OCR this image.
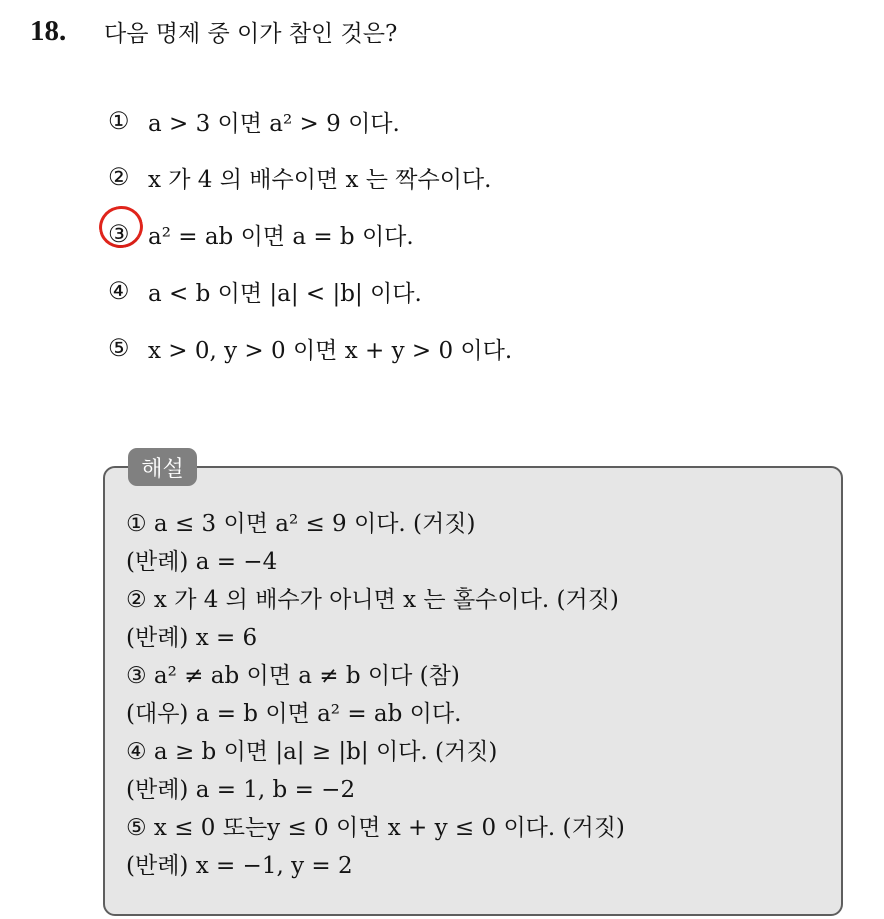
18.	다음 명제 중 이가 참인 것은?
① a > 3 이면 a² > 9 이다.
② x 가 4 의 배수이면 x 는 짝수이다.
③ a² = ab 이면 a = b 이다.
④ a < b 이면 |a| < |b| 이다.
⑤ x > 0, y > 0 이면 x + y > 0 이다.
해설
① a ≤ 3 이면 a² ≤ 9 이다. (거짓)
(반례) a = −4
② x 가 4 의 배수가 아니면 x 는 홀수이다. (거짓)
(반례) x = 6
③ a² ≠ ab 이면 a ≠ b 이다 (참)
(대우) a = b 이면 a² = ab 이다.
④ a ≥ b 이면 |a| ≥ |b| 이다. (거짓)
(반례) a = 1, b = −2
⑤ x ≤ 0 또는y ≤ 0 이면 x + y ≤ 0 이다. (거짓)
(반례) x = −1, y = 2
